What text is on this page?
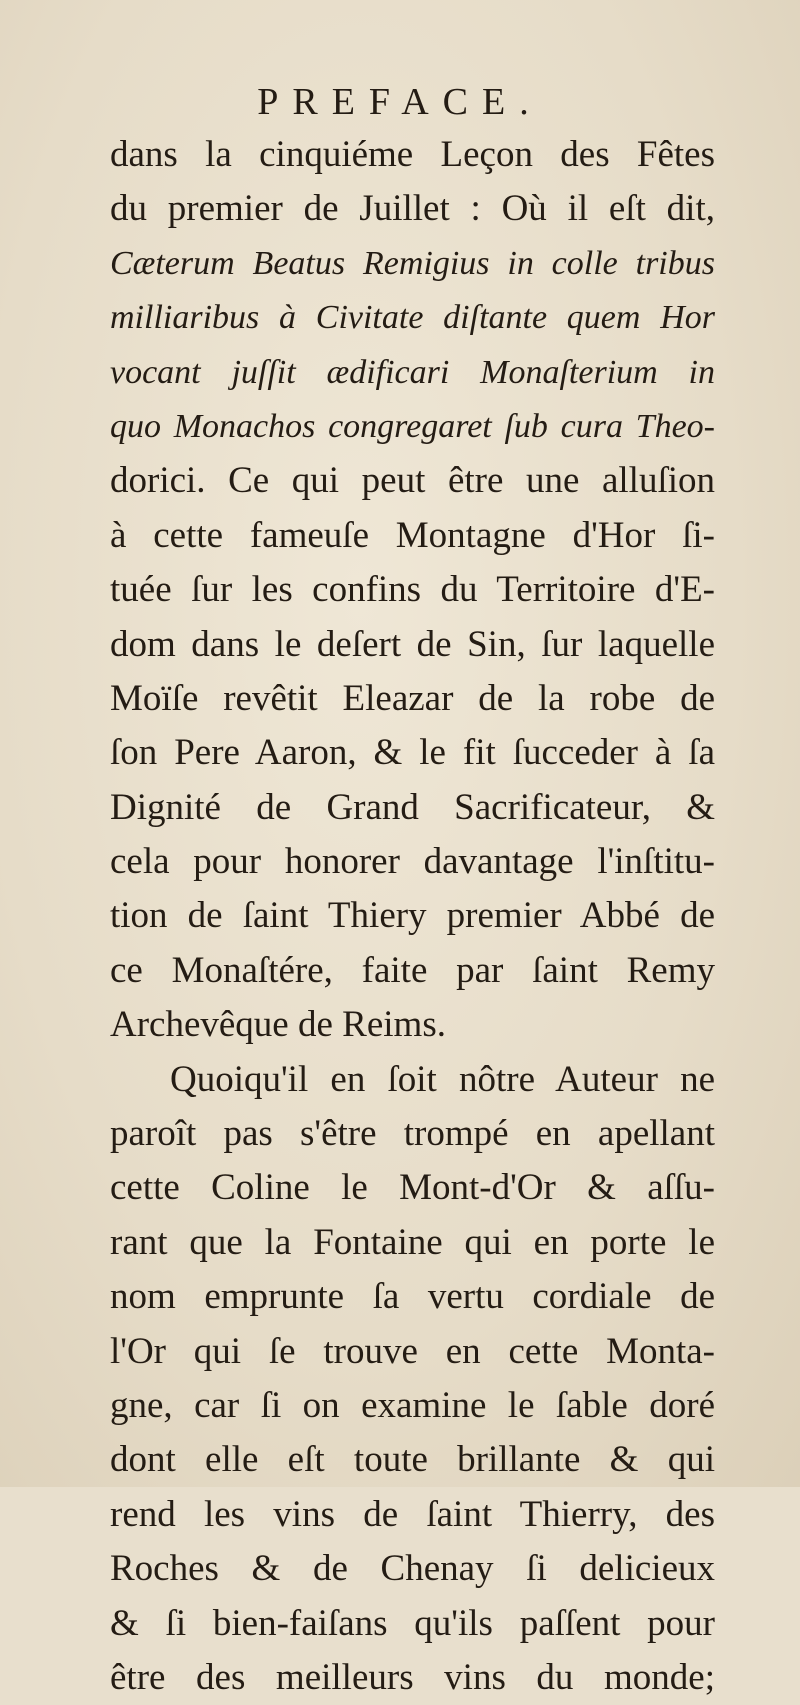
PREFACE.
dans la cinquiéme Leçon des Fêtes
du premier de Juillet : Où il eſt dit,
Cæterum Beatus Remigius in colle tribus
milliaribus à Civitate diſtante quem Hor
vocant juſſit ædificari Monaſterium in
quo Monachos congregaret ſub cura Theo-
dorici. Ce qui peut être une alluſion
à cette fameuſe Montagne d'Hor ſi-
tuée ſur les confins du Territoire d'E-
dom dans le deſert de Sin, ſur laquelle
Moïſe revêtit Eleazar de la robe de
ſon Pere Aaron, & le fit ſucceder à ſa
Dignité de Grand Sacrificateur, &
cela pour honorer davantage l'inſtitu-
tion de ſaint Thiery premier Abbé de
ce Monaſtére, faite par ſaint Remy
Archevêque de Reims.
Quoiqu'il en ſoit nôtre Auteur ne
paroît pas s'être trompé en apellant
cette Coline le Mont-d'Or & aſſu-
rant que la Fontaine qui en porte le
nom emprunte ſa vertu cordiale de
l'Or qui ſe trouve en cette Monta-
gne, car ſi on examine le ſable doré
dont elle eſt toute brillante & qui
rend les vins de ſaint Thierry, des
Roches & de Chenay ſi delicieux
& ſi bien-faiſans qu'ils paſſent pour
être des meilleurs vins du monde;
